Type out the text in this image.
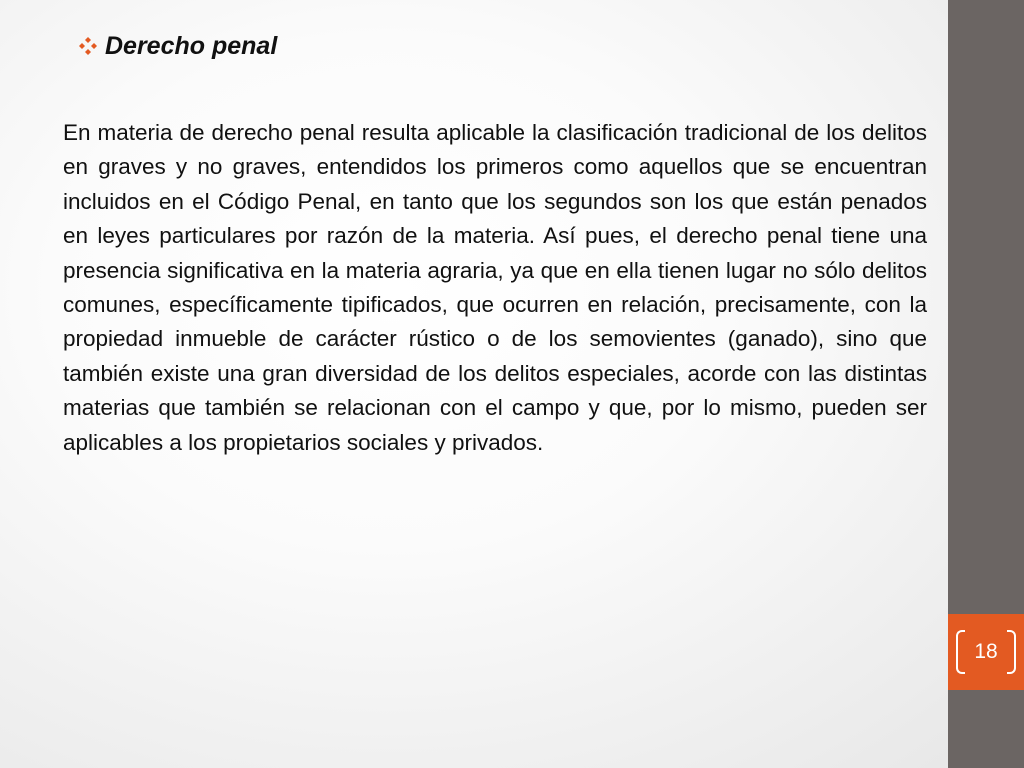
Derecho penal

En materia de derecho penal resulta aplicable la clasificación tradicional de los delitos en graves y no graves, entendidos los primeros como aquellos que se encuentran incluidos en el Código Penal, en tanto que los segundos son los que están penados en leyes particulares por razón de la materia. Así pues, el derecho penal tiene una presencia significativa en la materia agraria, ya que en ella tienen lugar no sólo delitos comunes, específicamente tipificados, que ocurren en relación, precisamente, con la propiedad inmueble de carácter rústico o de los semovientes (ganado), sino que también existe una gran diversidad de los delitos especiales, acorde con las distintas materias que también se relacionan con el campo y que, por lo mismo, pueden ser aplicables a los propietarios sociales y privados.

18
